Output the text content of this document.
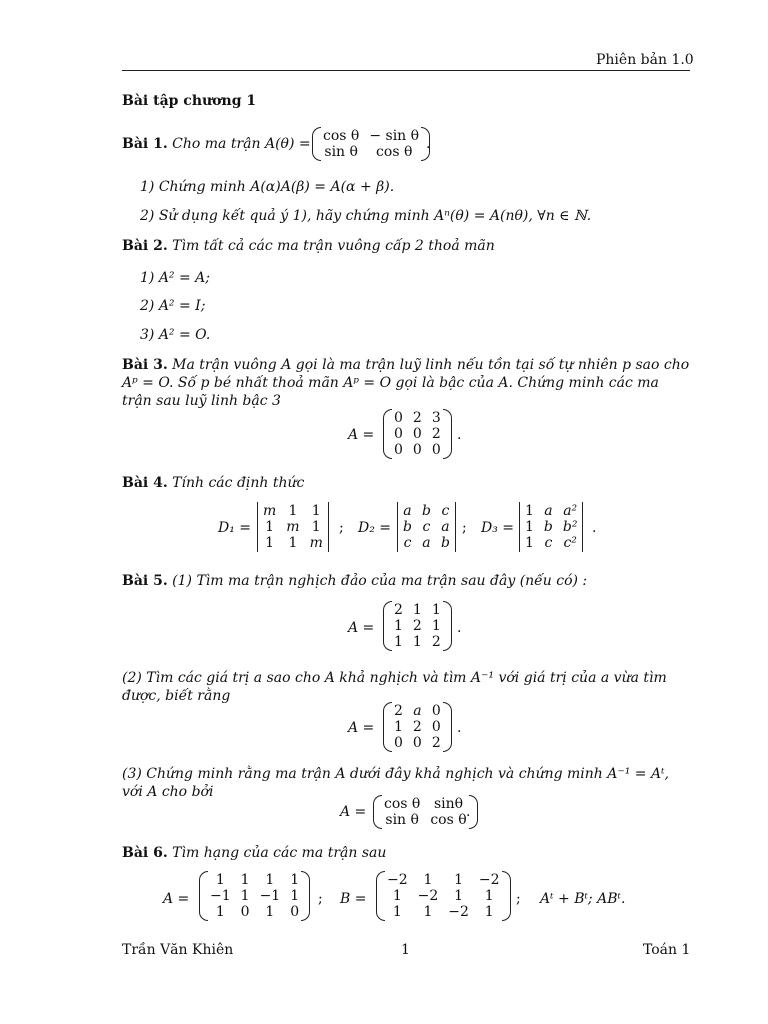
Phiên bản 1.0
Bài tập chương 1
Bài 1. Cho ma trận A(θ) = cos θ − sin θ
sin θ	cos θ .
1) Chứng minh A(α)A(β) = A(α + β).
2) Sử dụng kết quả ý 1), hãy chứng minh Aⁿ(θ) = A(nθ), ∀n ∈ ℕ.
Bài 2. Tìm tất cả các ma trận vuông cấp 2 thoả mãn
1) A² = A;
2) A² = I;
3) A² = O.
Bài 3. Ma trận vuông A gọi là ma trận luỹ linh nếu tồn tại số tự nhiên p sao cho Aᵖ = O. Số p bé nhất thoả mãn Aᵖ = O gọi là bậc của A. Chứng minh các ma trận sau luỹ linh bậc 3
A =
0 2 3
0 0 2
0 0 0
.
Bài 4. Tính các định thức
D₁ =
m 1 1
1 m 1
1 1 m
; D₂ =
a b c
b c a
c a b
; D₃ =
1 a a²
1 b b²
1 c c²
.
Bài 5. (1) Tìm ma trận nghịch đảo của ma trận sau đây (nếu có) :
A =
2 1 1
1 2 1
1 1 2
.
(2) Tìm các giá trị a sao cho A khả nghịch và tìm A⁻¹ với giá trị của a vừa tìm được, biết rằng
A =
2 a 0
1 2 0
0 0 2
.
(3) Chứng minh rằng ma trận A dưới đây khả nghịch và chứng minh A⁻¹ = Aᵗ, với A cho bởi
A = cos θ sinθ
sin θ cos θ .
Bài 6. Tìm hạng của các ma trận sau
A =
1	1	1	1
−1 1 −1 1
1	0	1	0
; B =
−2	1	1	−2
1	−2	1	1
1	1	−2	1
; Aᵗ + Bᵗ; ABᵗ.
Trần Văn Khiên	1	Toán 1
